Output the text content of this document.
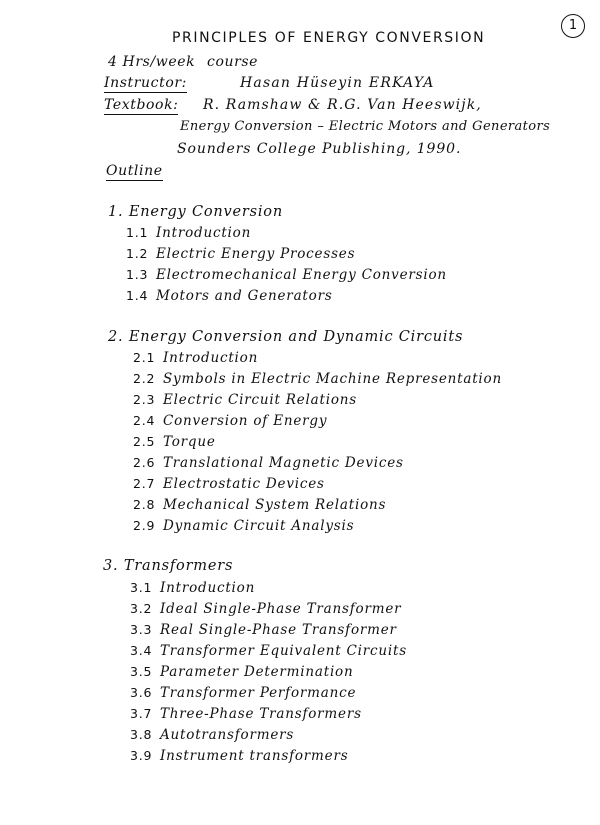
1
PRINCIPLES OF ENERGY CONVERSION
4 Hrs/week course
Instructor:	Hasan Hüseyin ERKAYA
Textbook: R. Ramshaw & R.G. Van Heeswijk,
Energy Conversion – Electric Motors and Generators
Sounders College Publishing, 1990.
Outline
1. Energy Conversion
1.1 Introduction
1.2 Electric Energy Processes
1.3 Electromechanical Energy Conversion
1.4 Motors and Generators
2. Energy Conversion and Dynamic Circuits
2.1 Introduction
2.2 Symbols in Electric Machine Representation
2.3 Electric Circuit Relations
2.4 Conversion of Energy
2.5 Torque
2.6 Translational Magnetic Devices
2.7 Electrostatic Devices
2.8 Mechanical System Relations
2.9 Dynamic Circuit Analysis
3. Transformers
3.1 Introduction
3.2 Ideal Single-Phase Transformer
3.3 Real Single-Phase Transformer
3.4 Transformer Equivalent Circuits
3.5 Parameter Determination
3.6 Transformer Performance
3.7 Three-Phase Transformers
3.8 Autotransformers
3.9 Instrument transformers
